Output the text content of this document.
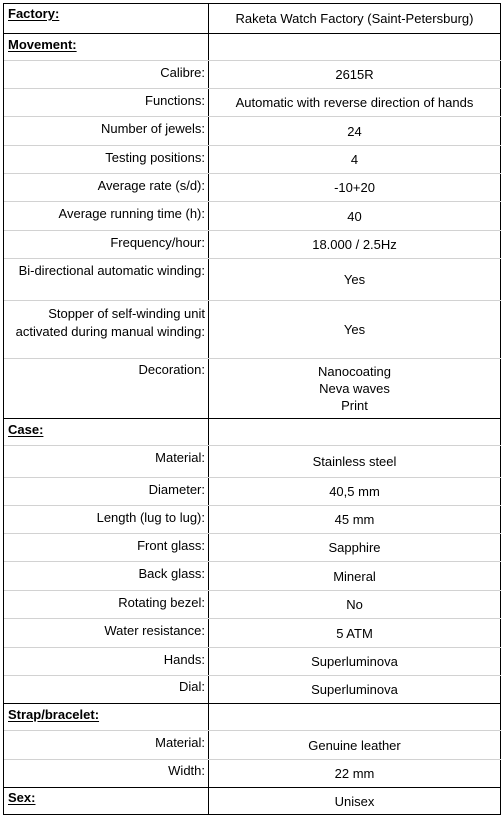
Factory:	Raketa Watch Factory (Saint-Petersburg)
Movement:
Calibre:	2615R
Functions: Automatic with reverse direction of hands
Number of jewels:	24
Testing positions:	4
Average rate (s/d):	-10+20
Average running time (h):	40
Frequency/hour:	18.000 / 2.5Hz
Bi-directional automatic winding:
Yes
Stopper of self-winding unit
activated during manual winding:	Yes
Decoration:	Nanocoating
Neva waves
Print
Case:
Material:	Stainless steel
Diameter:	40,5 mm
Length (lug to lug):	45 mm
Front glass:	Sapphire
Back glass:	Mineral
Rotating bezel:	No
Water resistance:	5 ATM
Hands:	Superluminova
Dial:	Superluminova
Strap/bracelet:
Material:	Genuine leather
Width:	22 mm
Sex:	Unisex
